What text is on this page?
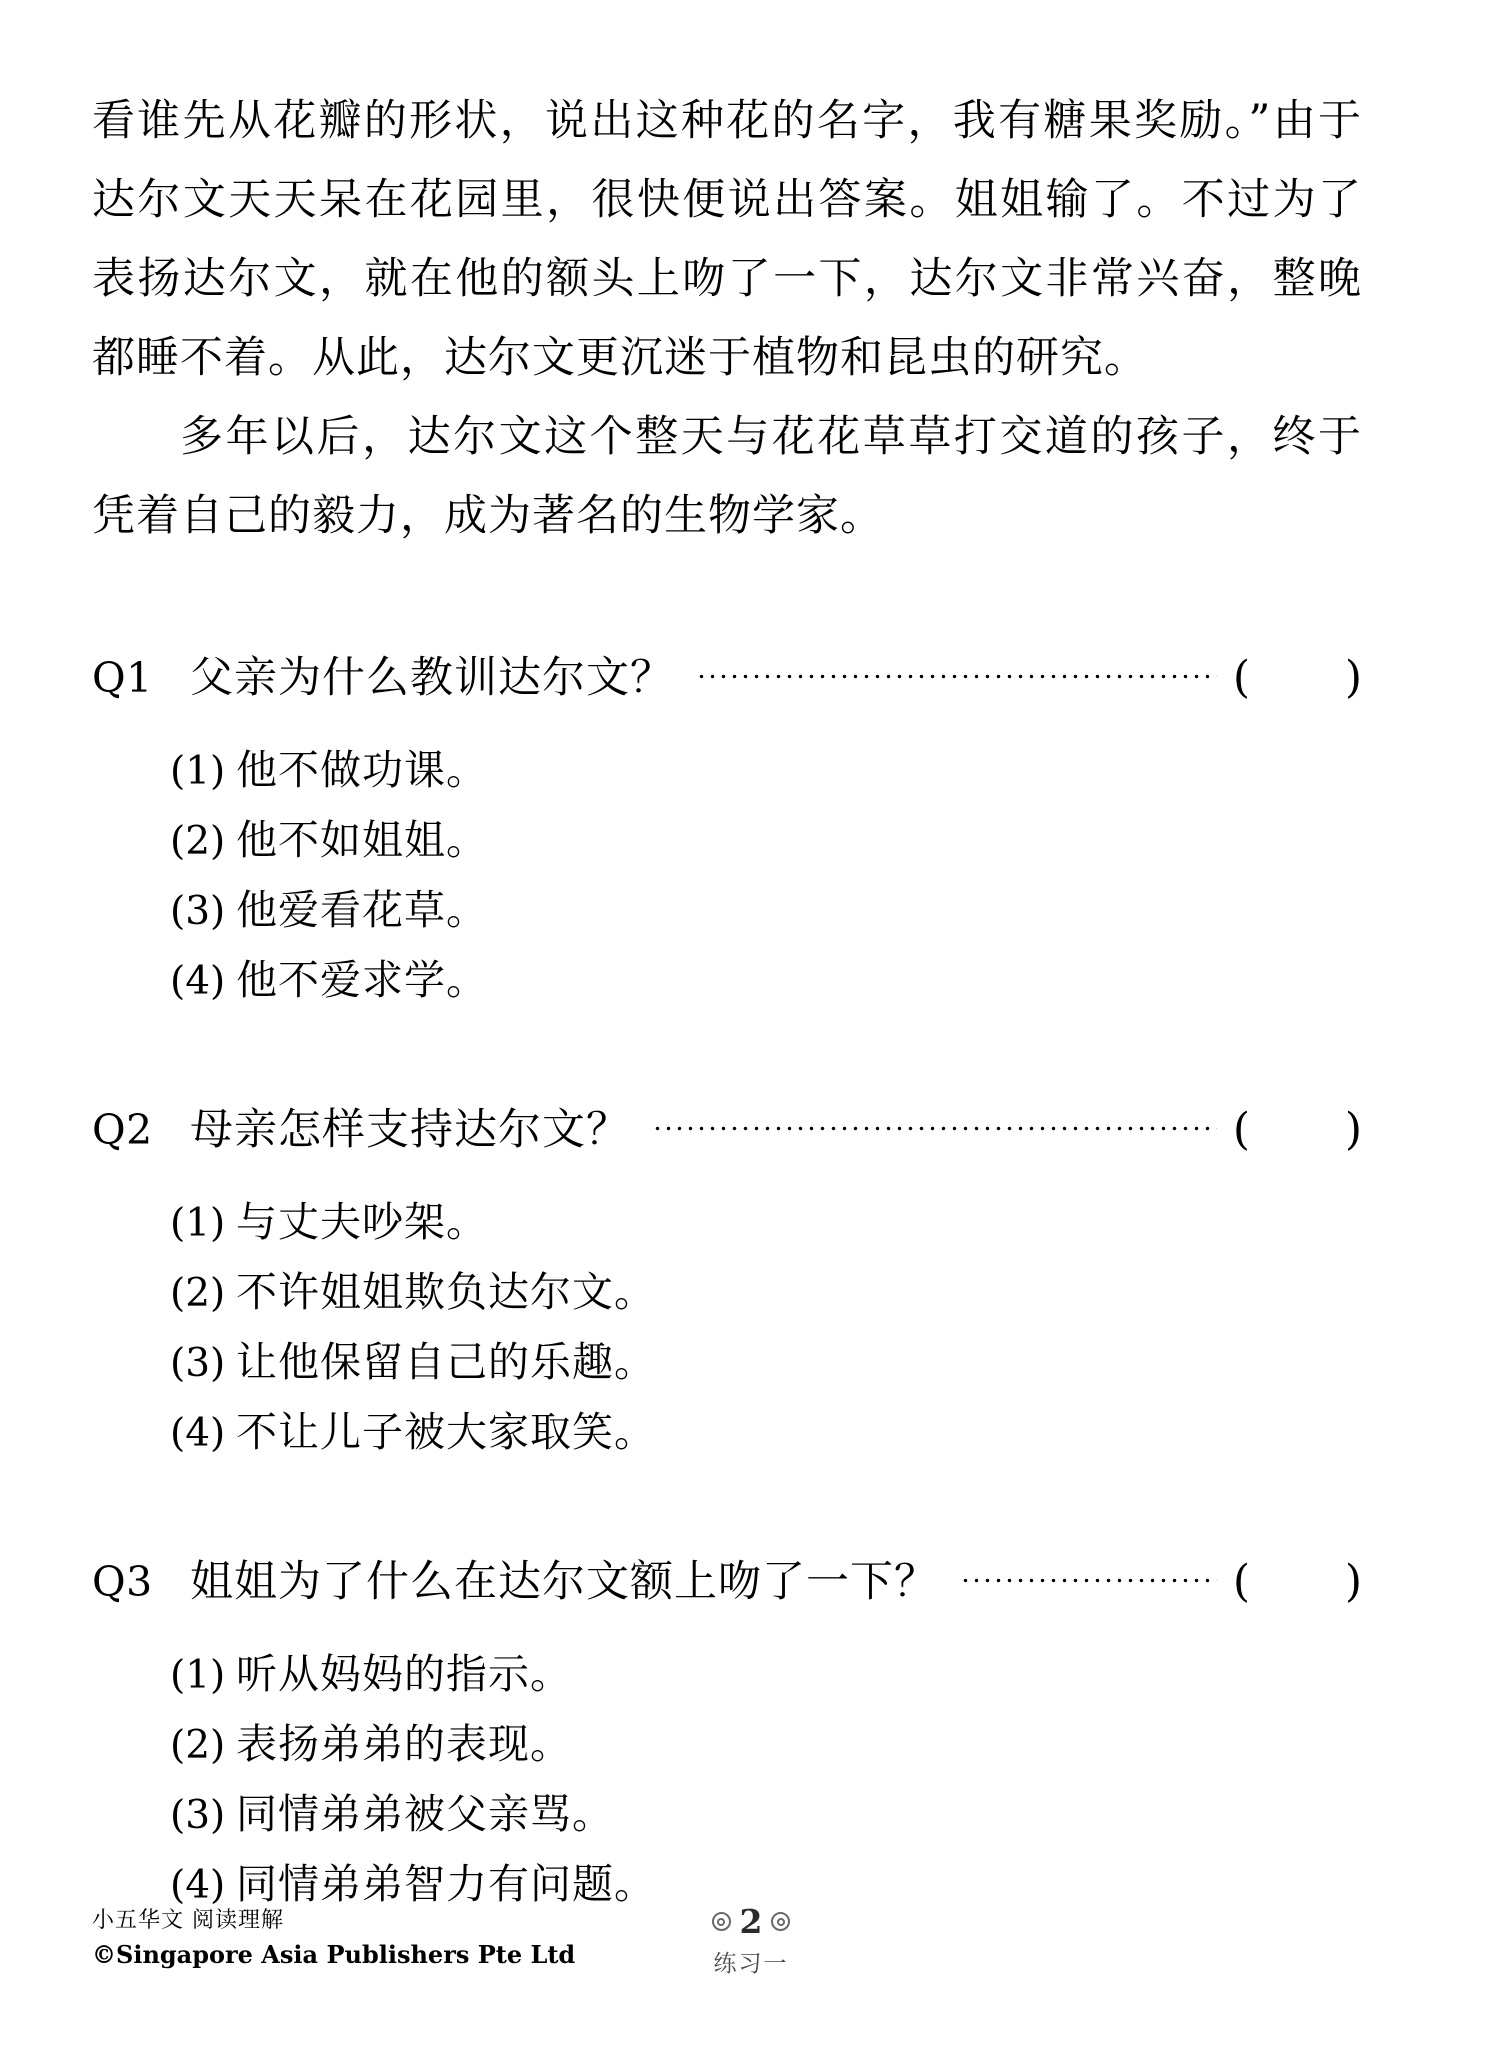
看谁先从花瓣的形状，说出这种花的名字，我有糖果奖励。”由于达尔文天天呆在花园里，很快便说出答案。姐姐输了。不过为了表扬达尔文，就在他的额头上吻了一下，达尔文非常兴奋，整晚都睡不着。从此，达尔文更沉迷于植物和昆虫的研究。

多年以后，达尔文这个整天与花花草草打交道的孩子，终于凭着自己的毅力，成为著名的生物学家。

Q1 父亲为什么教训达尔文？	(	)
(1) 他不做功课。
(2) 他不如姐姐。
(3) 他爱看花草。
(4) 他不爱求学。
Q2 母亲怎样支持达尔文？	(	)
(1) 与丈夫吵架。
(2) 不许姐姐欺负达尔文。
(3) 让他保留自己的乐趣。
(4) 不让儿子被大家取笑。
Q3 姐姐为了什么在达尔文额上吻了一下？	(	)
(1) 听从妈妈的指示。
(2) 表扬弟弟的表现。
(3) 同情弟弟被父亲骂。
(4) 同情弟弟智力有问题。
小五华文 阅读理解
©Singapore Asia Publishers Pte Ltd
2
练习一
